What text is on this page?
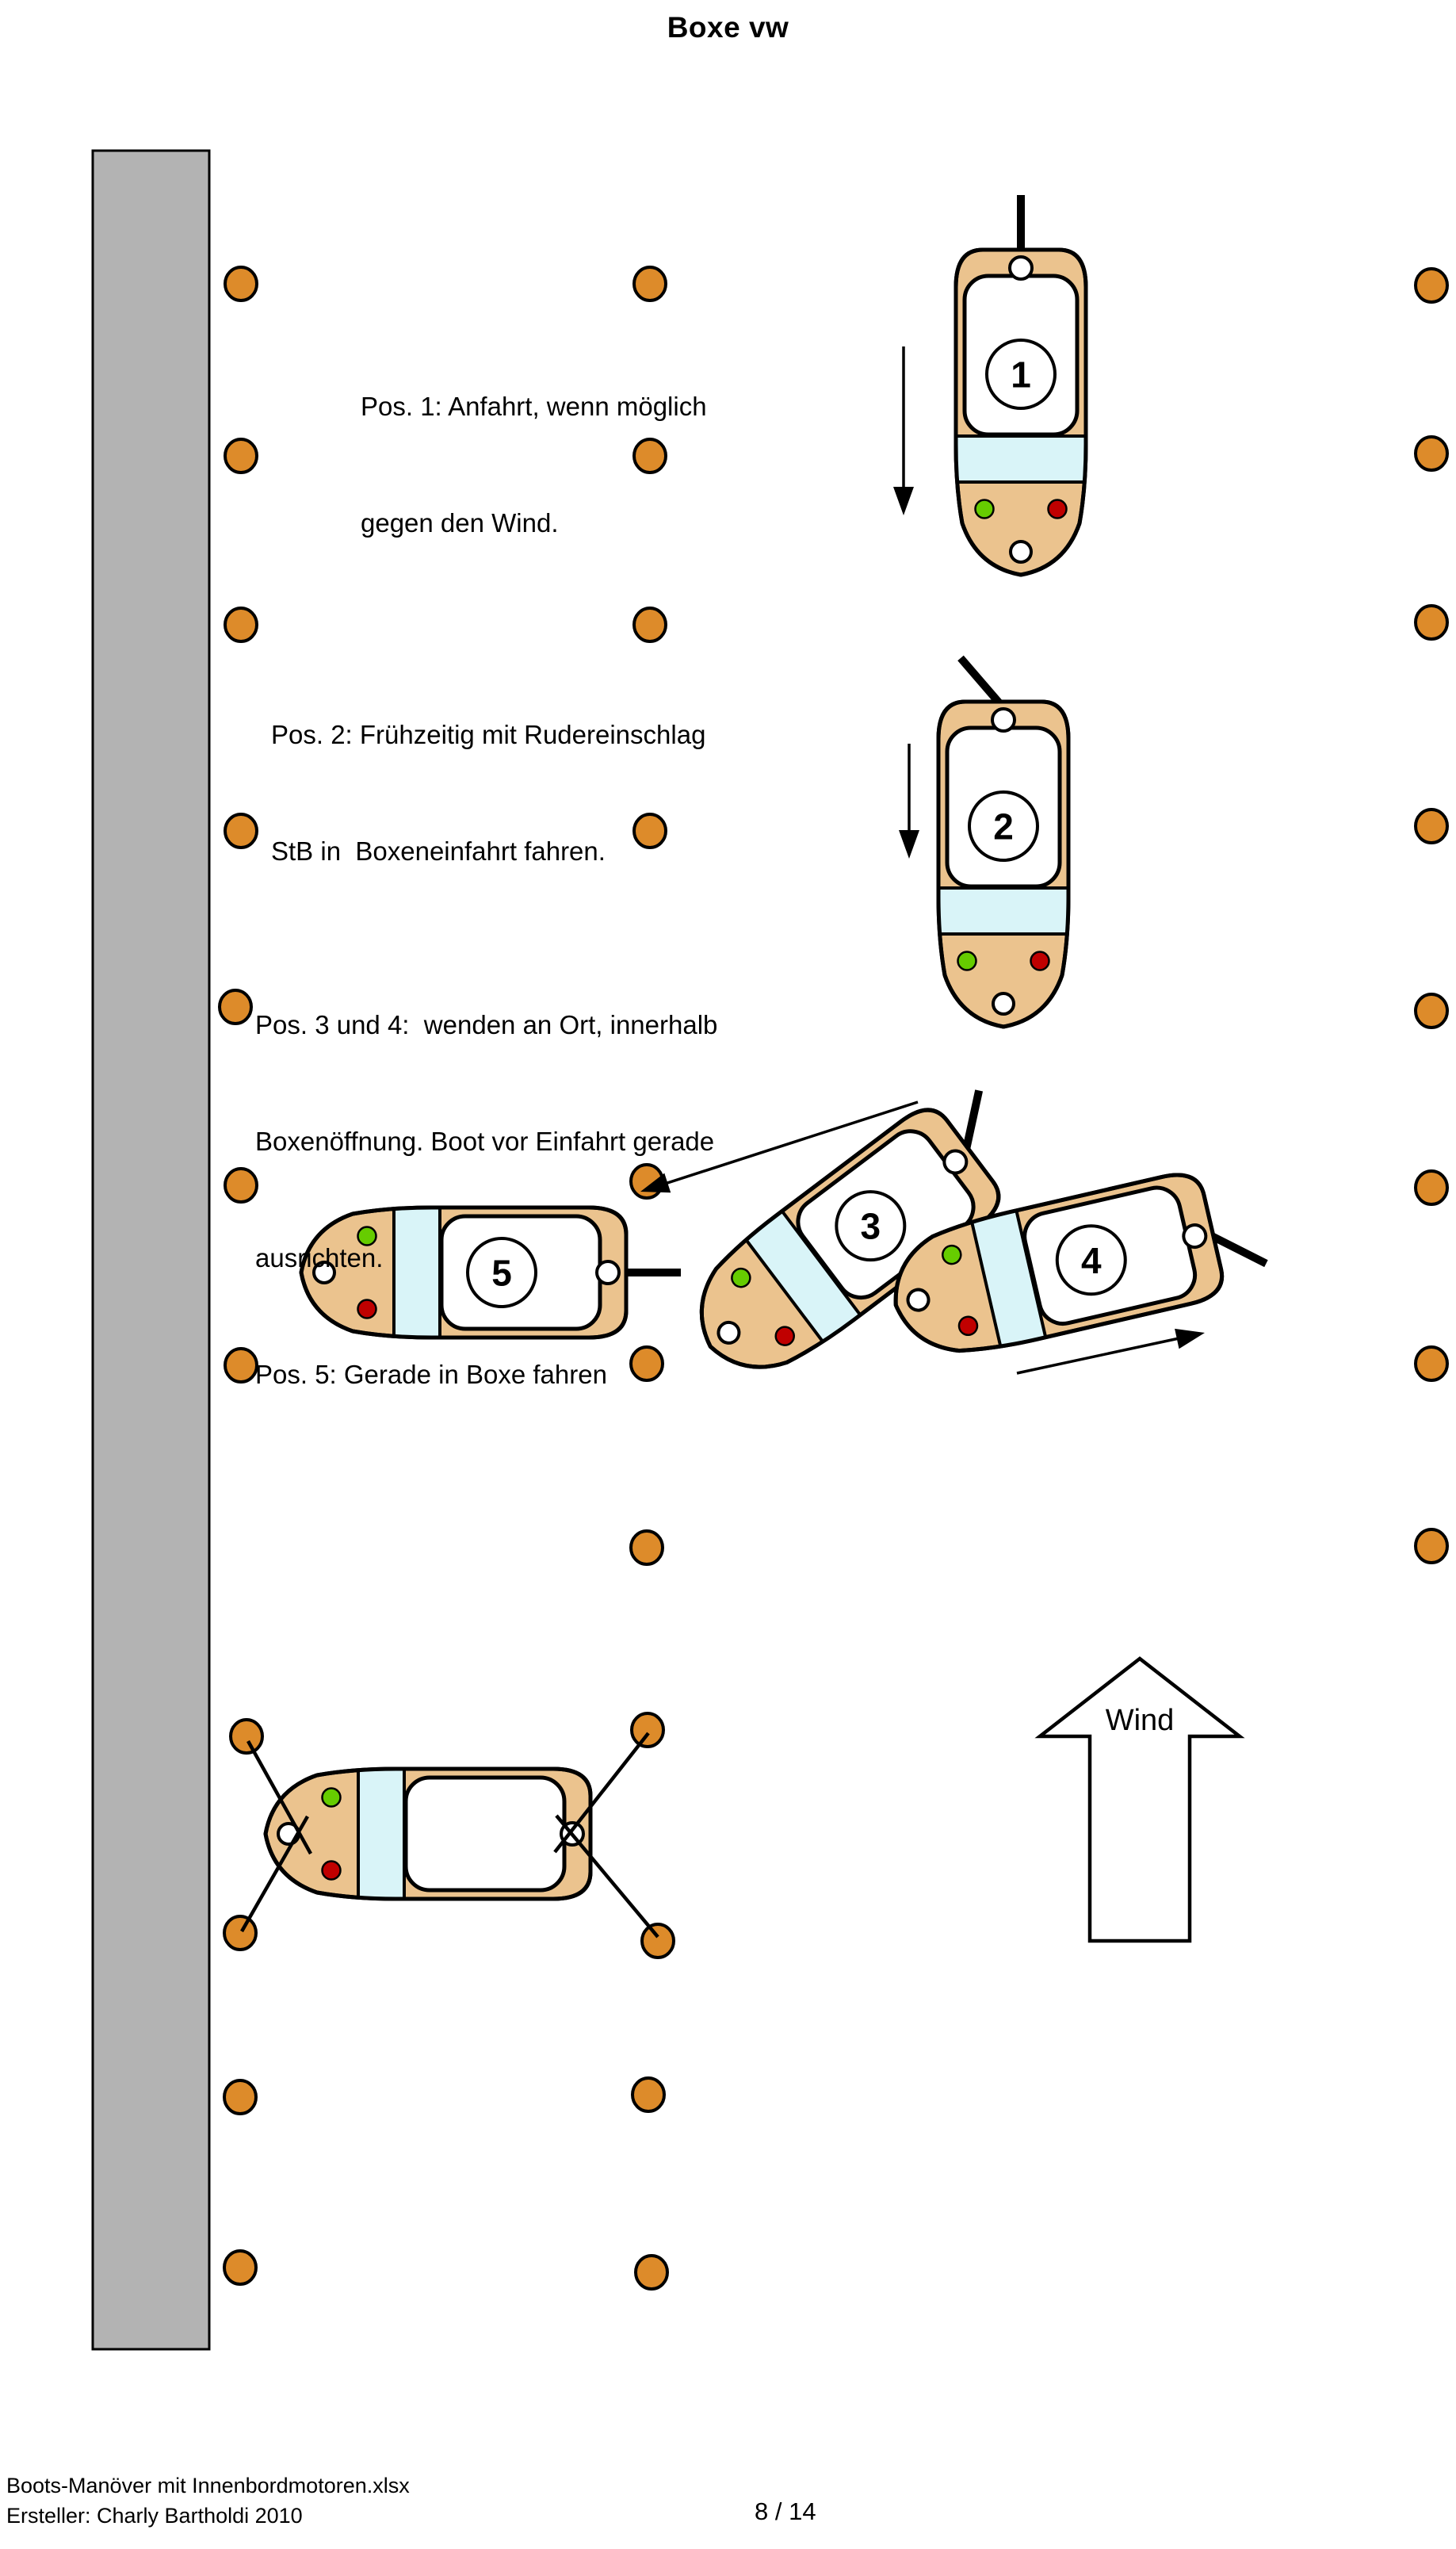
Boxe vw
1
2
3
4
5
Wind

Pos. 1: Anfahrt, wenn möglich

gegen den Wind.

Pos. 2: Frühzeitig mit Rudereinschlag

StB in  Boxeneinfahrt fahren.

Pos. 3 und 4:  wenden an Ort, innerhalb

Boxenöffnung. Boot vor Einfahrt gerade

ausrichten.

Pos. 5: Gerade in Boxe fahren

Boots-Manöver mit Innenbordmotoren.xlsx
Ersteller: Charly Bartholdi 2010	8 / 14
